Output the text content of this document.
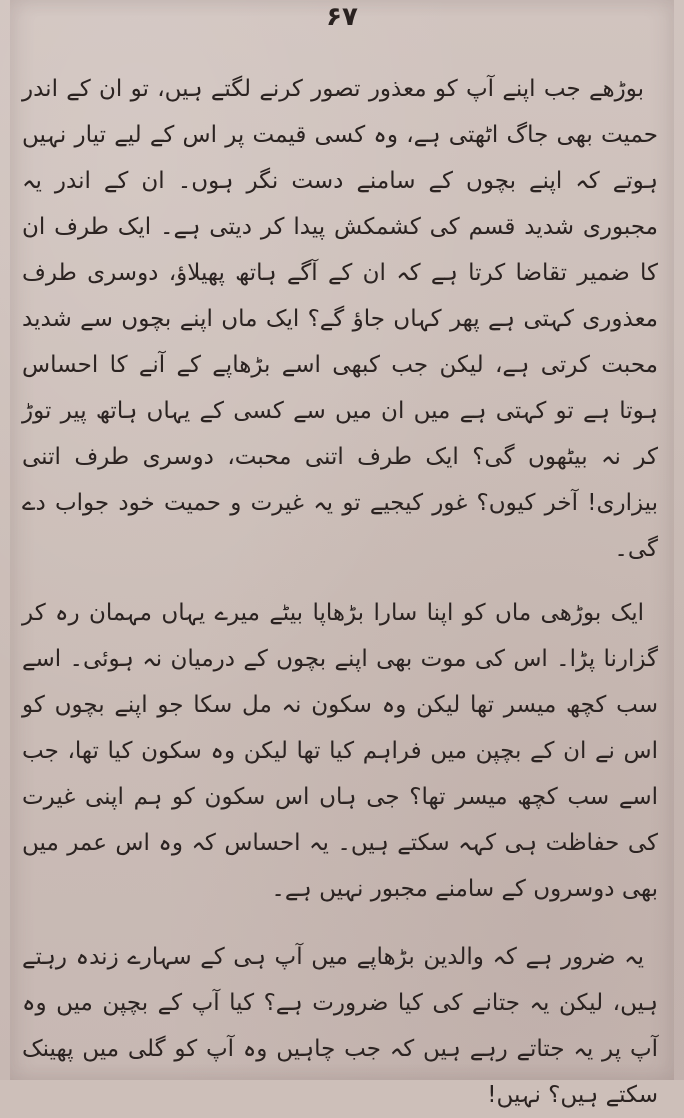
۶۷

بوڑھے جب اپنے آپ کو معذور تصور کرنے لگتے ہیں، تو ان کے اندر حمیت بھی جاگ اٹھتی ہے، وہ کسی قیمت پر اس کے لیے تیار نہیں ہوتے کہ اپنے بچوں کے سامنے دست نگر ہوں۔ ان کے اندر یہ مجبوری شدید قسم کی کشمکش پیدا کر دیتی ہے۔ ایک طرف ان کا ضمیر تقاضا کرتا ہے کہ ان کے آگے ہاتھ پھیلاؤ، دوسری طرف معذوری کہتی ہے پھر کہاں جاؤ گے؟ ایک ماں اپنے بچوں سے شدید محبت کرتی ہے، لیکن جب کبھی اسے بڑھاپے کے آنے کا احساس ہوتا ہے تو کہتی ہے میں ان میں سے کسی کے یہاں ہاتھ پیر توڑ کر نہ بیٹھوں گی؟ ایک طرف اتنی محبت، دوسری طرف اتنی بیزاری! آخر کیوں؟ غور کیجیے تو یہ غیرت و حمیت خود جواب دے گی۔

ایک بوڑھی ماں کو اپنا سارا بڑھاپا بیٹے میرے یہاں مہمان رہ کر گزارنا پڑا۔ اس کی موت بھی اپنے بچوں کے درمیان نہ ہوئی۔ اسے سب کچھ میسر تھا لیکن وہ سکون نہ مل سکا جو اپنے بچوں کو اس نے ان کے بچپن میں فراہم کیا تھا لیکن وہ سکون کیا تھا، جب اسے سب کچھ میسر تھا؟ جی ہاں اس سکون کو ہم اپنی غیرت کی حفاظت ہی کہہ سکتے ہیں۔ یہ احساس کہ وہ اس عمر میں بھی دوسروں کے سامنے مجبور نہیں ہے۔

یہ ضرور ہے کہ والدین بڑھاپے میں آپ ہی کے سہارے زندہ رہتے ہیں، لیکن یہ جتانے کی کیا ضرورت ہے؟ کیا آپ کے بچپن میں وہ آپ پر یہ جتاتے رہے ہیں کہ جب چاہیں وہ آپ کو گلی میں پھینک سکتے ہیں؟ نہیں!
